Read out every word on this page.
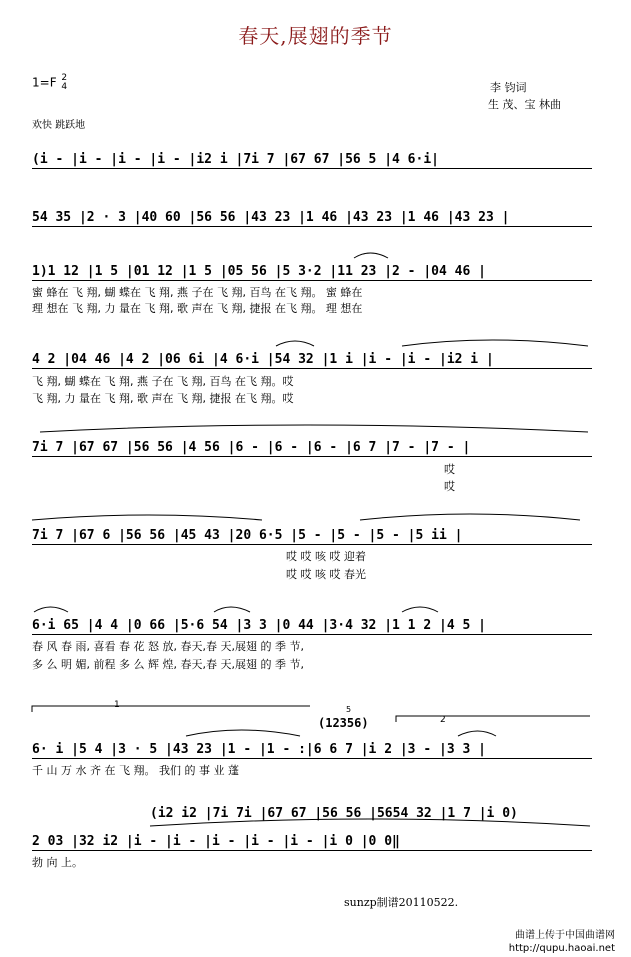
春天,展翅的季节
1=F 2
4	李 钧词
生 茂、宝 林曲
欢快 跳跃地
(i - |i - |i - |i - |i2 i |7i 7 |67 67 |56 5 |4 6·i|
54 35 |2 · 3 |40 60 |56 56 |43 23 |1 46 |43 23 |1 46 |43 23 |
1)1 12 |1 5 |01 12 |1 5 |05 56 |5 3·2 |11 23 |2 - |04 46 |
蜜 蜂在 飞 翔, 蝴 蝶在 飞 翔, 燕 子在 飞 翔, 百鸟 在飞 翔。 蜜 蜂在
理 想在 飞 翔, 力 量在 飞 翔, 歌 声在 飞 翔, 捷报 在飞 翔。 理 想在
4 2 |04 46 |4 2 |06 6i |4 6·i |54 32 |1 i |i - |i - |i2 i |
飞 翔, 蝴 蝶在 飞 翔, 燕 子在 飞 翔, 百鸟 在飞 翔。哎
飞 翔, 力 量在 飞 翔, 歌 声在 飞 翔, 捷报 在飞 翔。哎
7i 7 |67 67 |56 56 |4 56 |6 - |6 - |6 - |6 7 |7 - |7 - |
哎
哎
7i 7 |67 6 |56 56 |45 43 |20 6·5 |5 - |5 - |5 - |5 ii |
哎 哎 咳 哎 迎着
哎 哎 咳 哎 春光
6·i 65 |4 4 |0 66 |5·6 54 |3 3 |0 44 |3·4 32 |1 1 2 |4 5 |
春 风 春 雨, 喜看 春 花 怒 放, 春天,春 天,展翅 的 季 节,
多 么 明 媚, 前程 多 么 辉 煌, 春天,春 天,展翅 的 季 节,
1
2
5
(12356)
6· i |5 4 |3 · 5 |43 23 |1 - |1 - :|6 6 7 |i 2 |3 - |3 3 |
千 山 万 水 齐 在 飞 翔。 我们 的 事 业 蓬
(i2 i2 |7i 7i |67 67 |56 56 |5654 32 |1 7 |i 0)
2 03 |32 i2 |i - |i - |i - |i - |i - |i 0 |0 0‖
勃 向 上。
sunzp制谱20110522.
曲谱上传于中国曲谱网
http://qupu.haoai.net
